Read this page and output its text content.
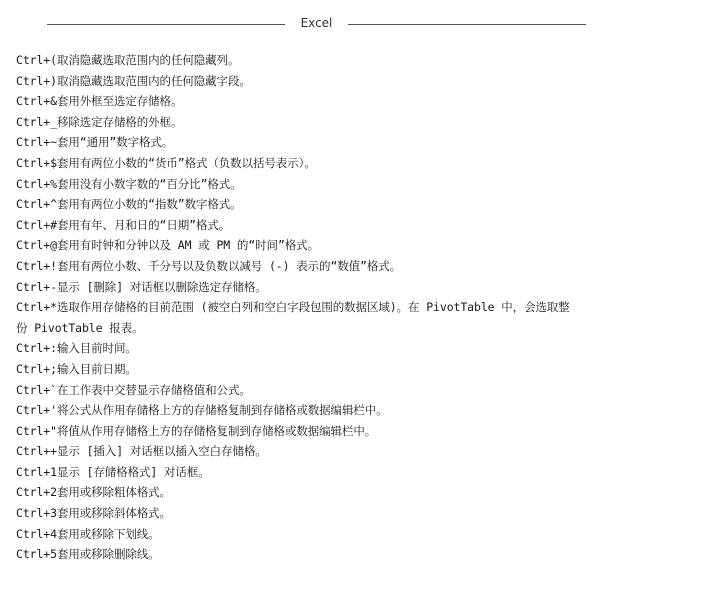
Excel
Ctrl+(取消隐藏选取范围内的任何隐藏列。
Ctrl+)取消隐藏选取范围内的任何隐藏字段。
Ctrl+&套用外框至选定存储格。
Ctrl+_移除选定存储格的外框。
Ctrl+~套用“通用”数字格式。
Ctrl+$套用有两位小数的“货币”格式（负数以括号表示）。
Ctrl+%套用没有小数字数的“百分比”格式。
Ctrl+^套用有两位小数的“指数”数字格式。
Ctrl+#套用有年、月和日的“日期”格式。
Ctrl+@套用有时钟和分钟以及 AM 或 PM 的“时间”格式。
Ctrl+!套用有两位小数、千分号以及负数以减号 (-) 表示的“数值”格式。
Ctrl+-显示 [删除] 对话框以删除选定存储格。
Ctrl+*选取作用存储格的目前范围 (被空白列和空白字段包围的数据区域)。在 PivotTable 中，会选取整
份 PivotTable 报表。
Ctrl+:输入目前时间。
Ctrl+;输入目前日期。
Ctrl+`在工作表中交替显示存储格值和公式。
Ctrl+'将公式从作用存储格上方的存储格复制到存储格或数据编辑栏中。
Ctrl+"将值从作用存储格上方的存储格复制到存储格或数据编辑栏中。
Ctrl++显示 [插入] 对话框以插入空白存储格。
Ctrl+1显示 [存储格格式] 对话框。
Ctrl+2套用或移除粗体格式。
Ctrl+3套用或移除斜体格式。
Ctrl+4套用或移除下划线。
Ctrl+5套用或移除删除线。
